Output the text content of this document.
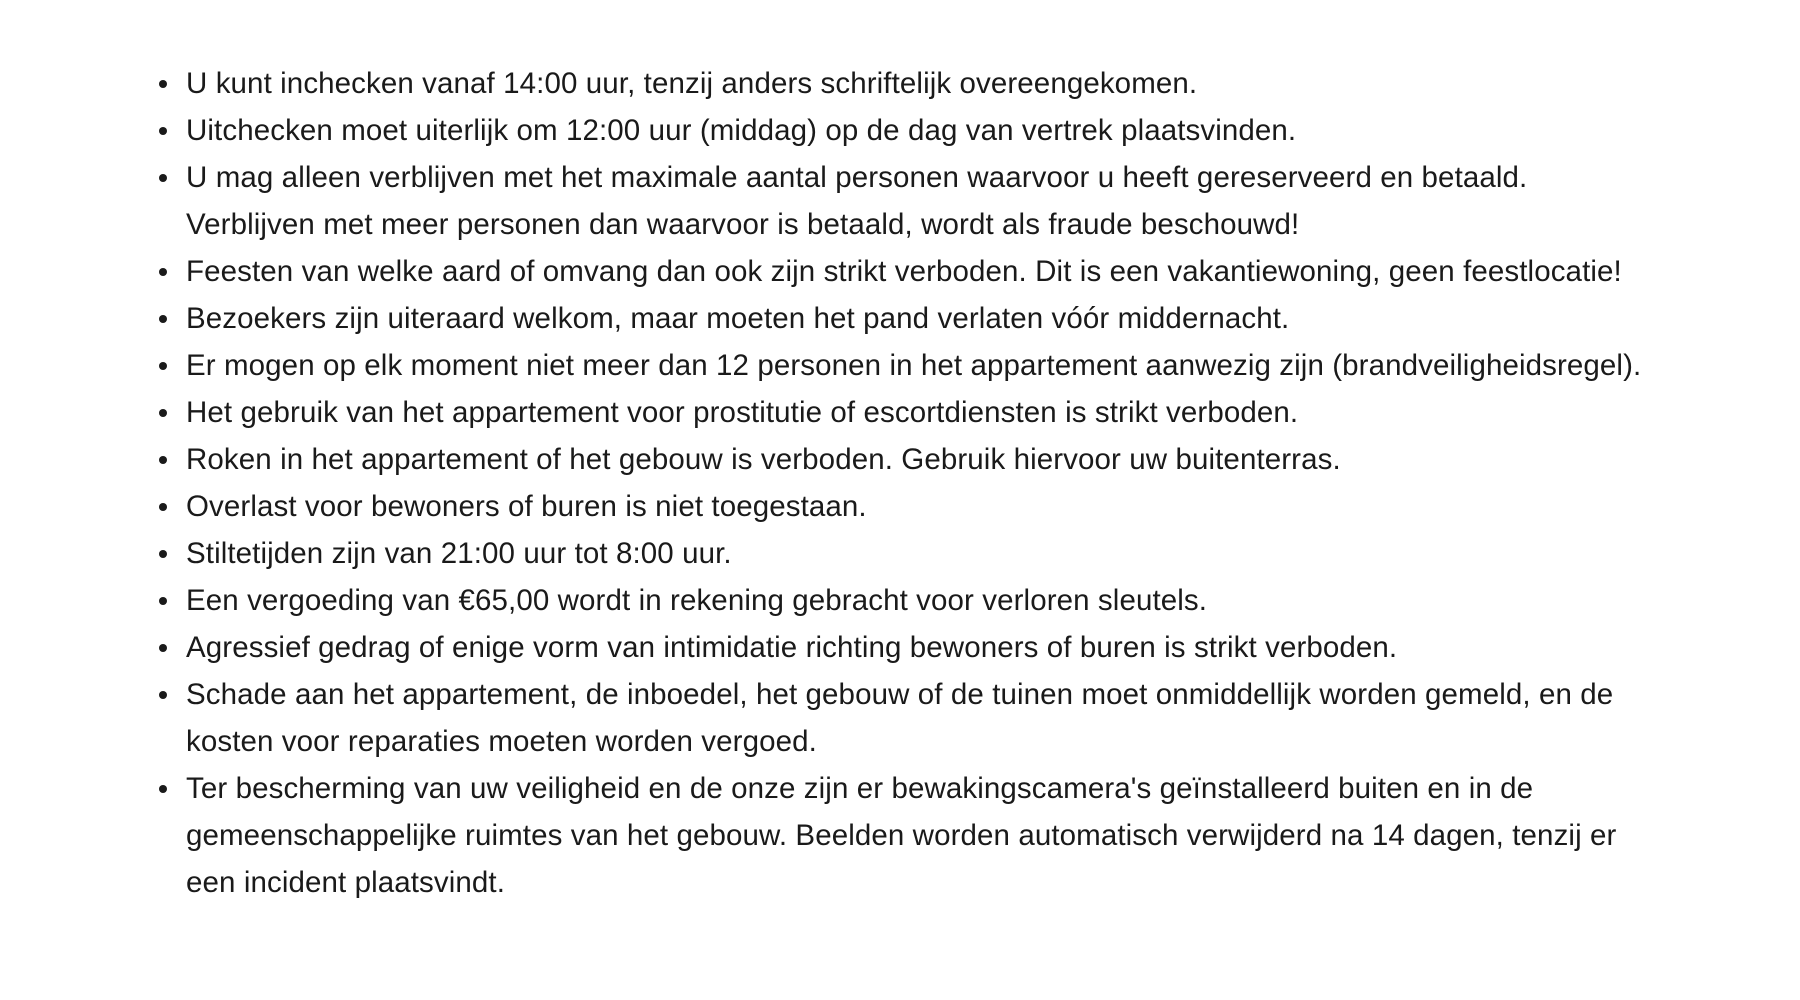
U kunt inchecken vanaf 14:00 uur, tenzij anders schriftelijk overeengekomen.
Uitchecken moet uiterlijk om 12:00 uur (middag) op de dag van vertrek plaatsvinden.
U mag alleen verblijven met het maximale aantal personen waarvoor u heeft gereserveerd en betaald. Verblijven met meer personen dan waarvoor is betaald, wordt als fraude beschouwd!
Feesten van welke aard of omvang dan ook zijn strikt verboden. Dit is een vakantiewoning, geen feestlocatie!
Bezoekers zijn uiteraard welkom, maar moeten het pand verlaten vóór middernacht.
Er mogen op elk moment niet meer dan 12 personen in het appartement aanwezig zijn (brandveiligheidsregel).
Het gebruik van het appartement voor prostitutie of escortdiensten is strikt verboden.
Roken in het appartement of het gebouw is verboden. Gebruik hiervoor uw buitenterras.
Overlast voor bewoners of buren is niet toegestaan.
Stiltetijden zijn van 21:00 uur tot 8:00 uur.
Een vergoeding van €65,00 wordt in rekening gebracht voor verloren sleutels.
Agressief gedrag of enige vorm van intimidatie richting bewoners of buren is strikt verboden.
Schade aan het appartement, de inboedel, het gebouw of de tuinen moet onmiddellijk worden gemeld, en de kosten voor reparaties moeten worden vergoed.
Ter bescherming van uw veiligheid en de onze zijn er bewakingscamera's geïnstalleerd buiten en in de gemeenschappelijke ruimtes van het gebouw. Beelden worden automatisch verwijderd na 14 dagen, tenzij er een incident plaatsvindt.
